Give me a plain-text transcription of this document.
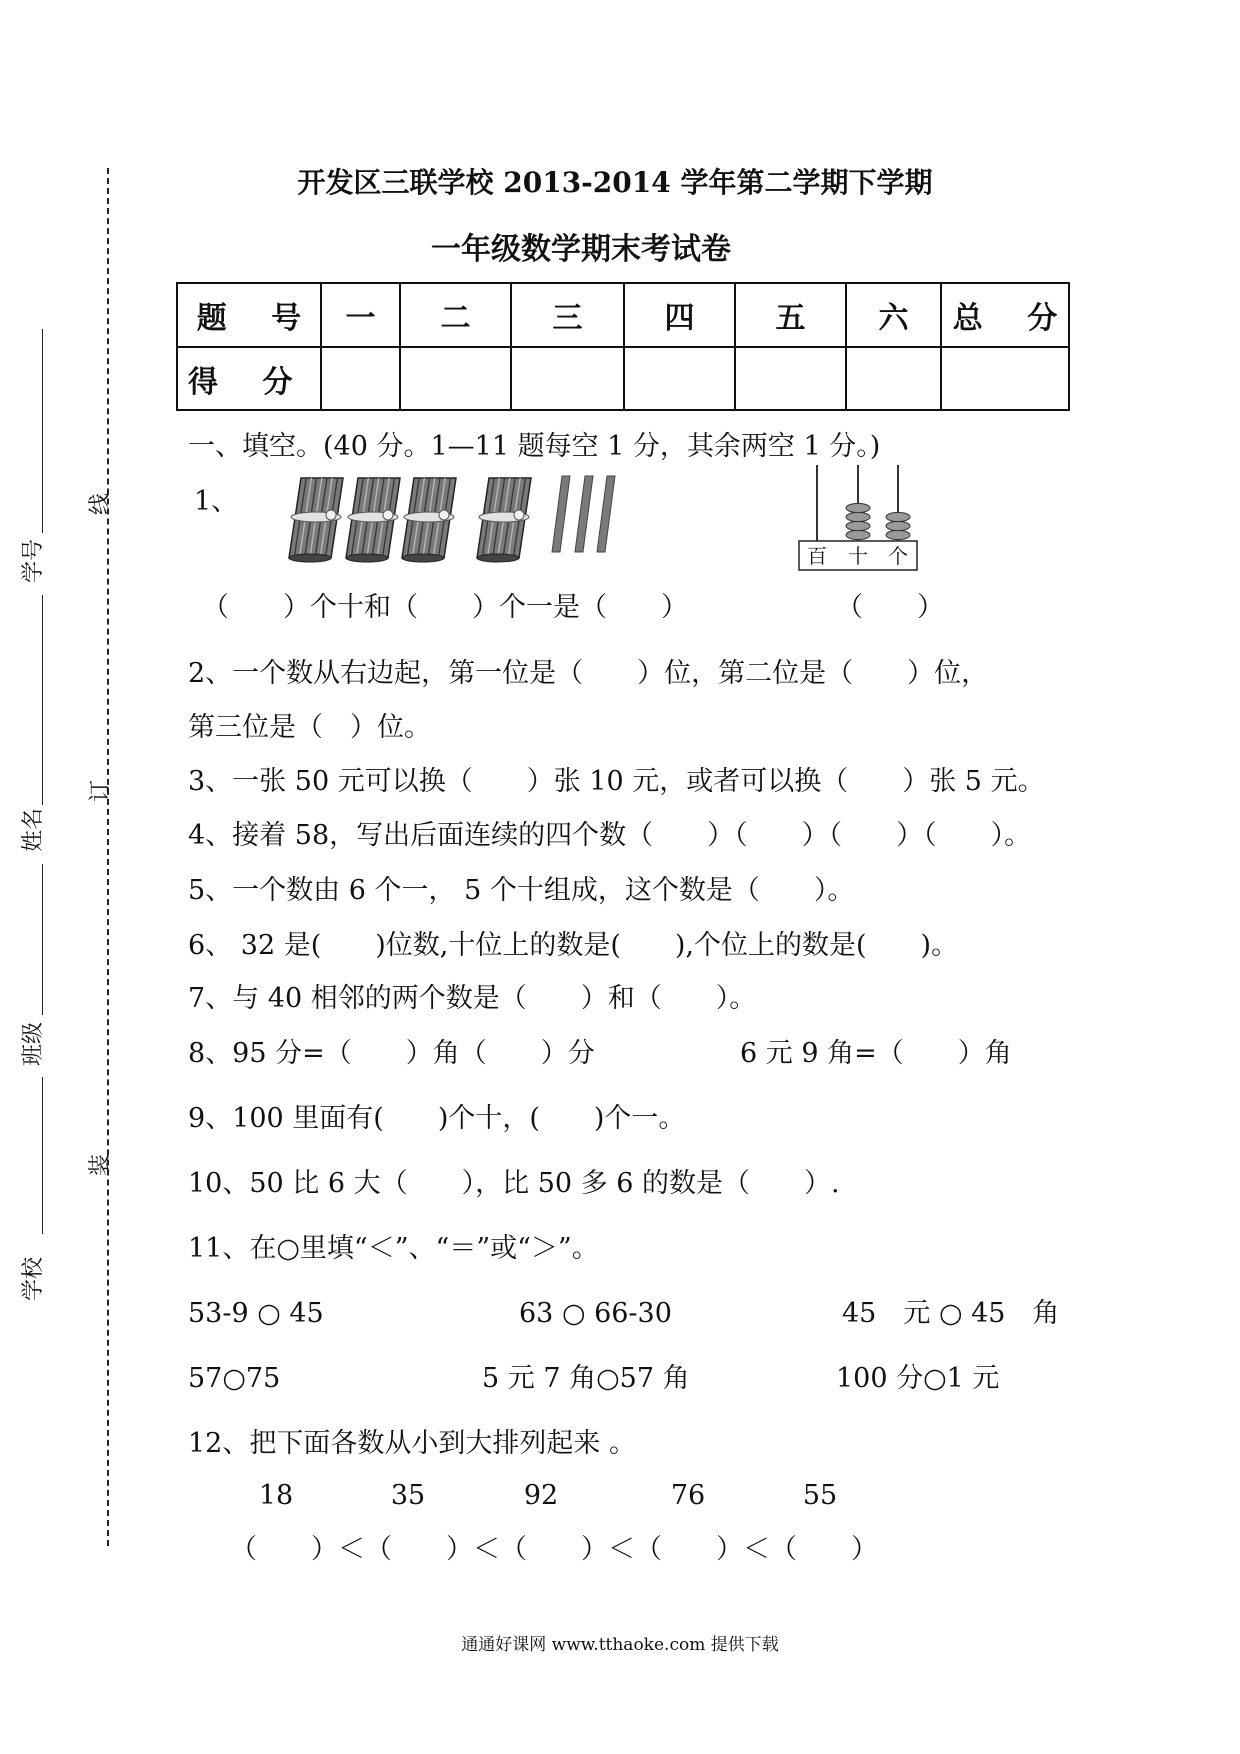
学号
姓名
班级
学校
线
订
装
开发区三联学校 2013-2014 学年第二学期下学期
一年级数学期末考试卷
题 号	一	二	三	四	五	六	总 分
得 分							
一、填空。(40 分。1—11 题每空 1 分，其余两空 1 分。)
1、
百 十 个
（　　）个十和（　　）个一是（　　）	（　　）
2、一个数从右边起，第一位是（　　）位，第二位是（　　）位，
第三位是（　）位。
3、一张 50 元可以换（　　）张 10 元，或者可以换（　　）张 5 元。
4、接着 58，写出后面连续的四个数（　　）（　　）（　　）（　　）。
5、一个数由 6 个一， 5 个十组成，这个数是（　　）。
6、 32 是(　　)位数,十位上的数是(　　),个位上的数是(　　)。
7、与 40 相邻的两个数是（　　）和（　　）。
8、95 分=（　　）角（　　）分	6 元 9 角=（　　）角
9、100 里面有(　　)个十，(　　)个一。
10、50 比 6 大（　　），比 50 多 6 的数是（　　）.
11、在○里填“＜”、“＝”或“＞”。
53-9 ○ 45	63 ○ 66-30	45　元 ○ 45　角
57○75	5 元 7 角○57 角	100 分○1 元
12、把下面各数从小到大排列起来 。
18	35	92	76	55
（　　）＜（　　）＜（　　）＜（　　）＜（　　）
通通好课网 www.tthaoke.com 提供下载
